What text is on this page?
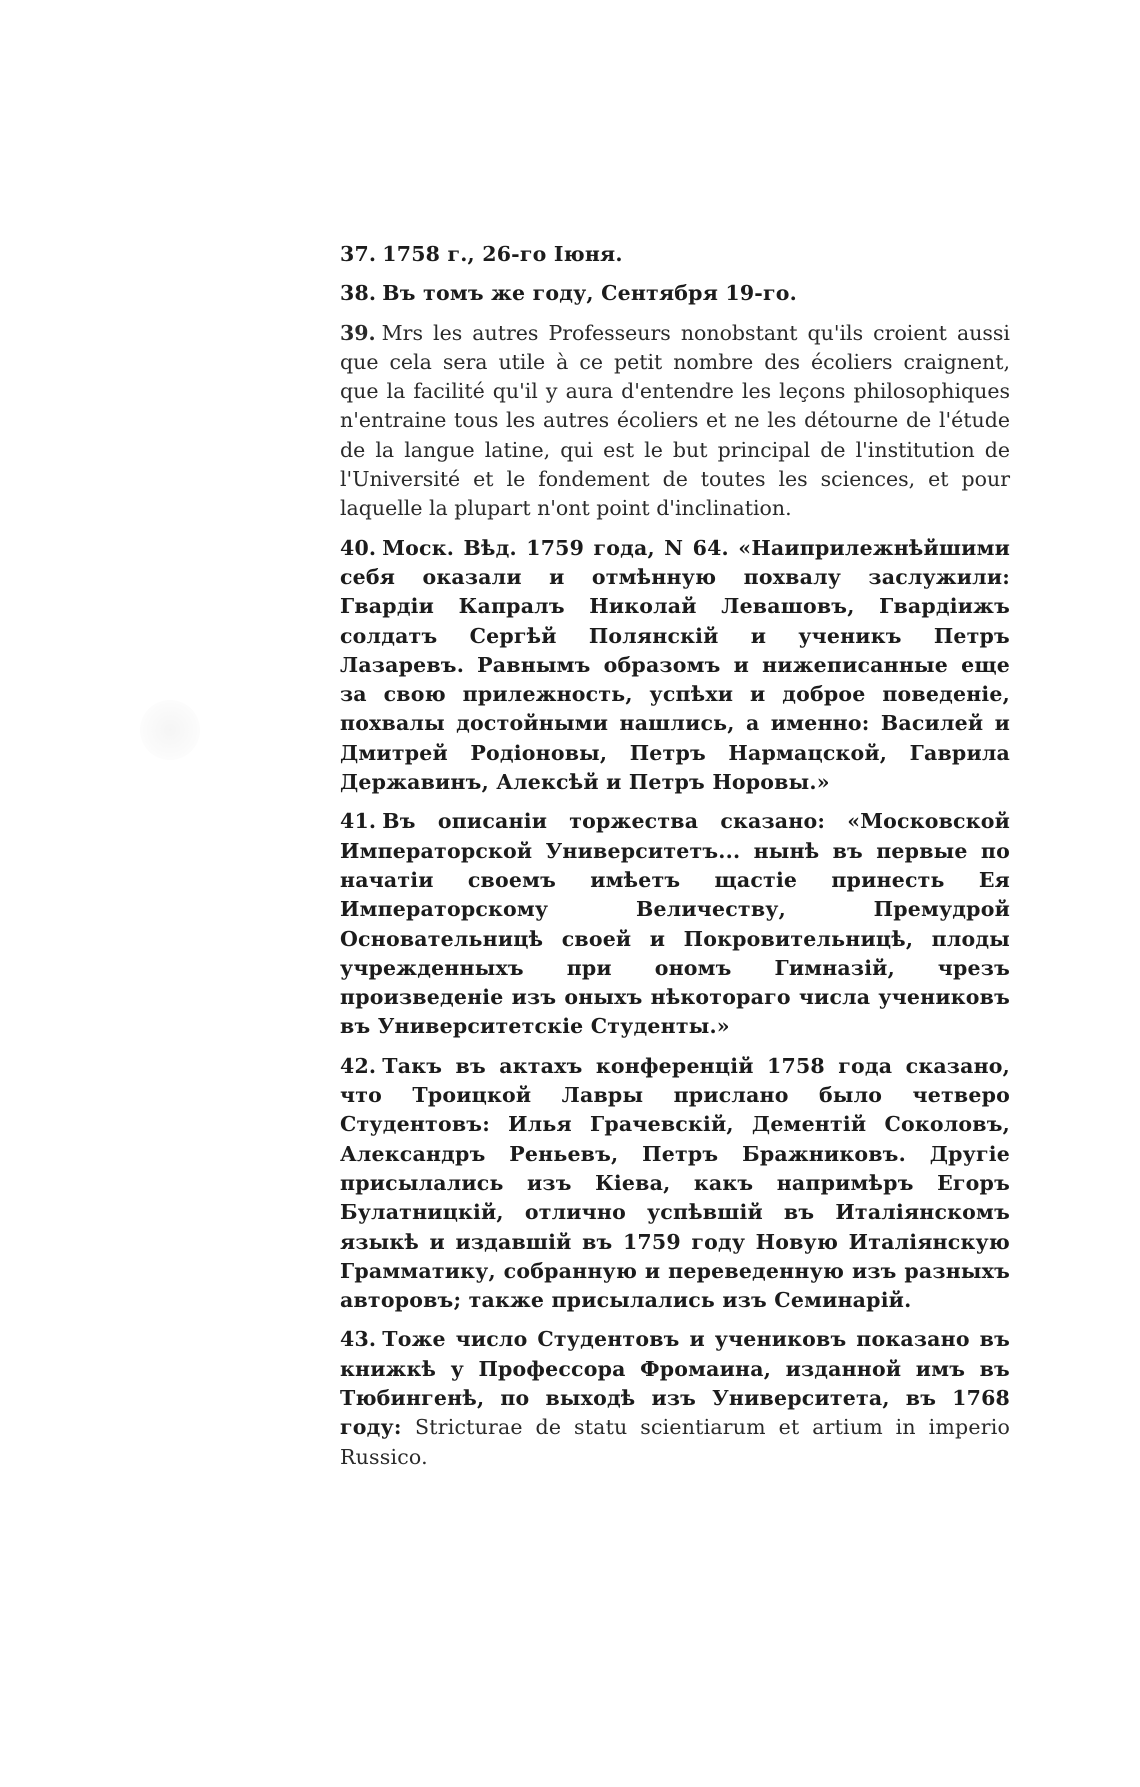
37. 1758 г., 26-го Іюня.

38. Въ томъ же году, Сентября 19-го.

39. Mrs les autres Professeurs nonobstant qu'ils croient aussi que cela sera utile à ce petit nombre des écoliers craignent, que la facilité qu'il y aura d'entendre les leçons philosophiques n'entraine tous les autres écoliers et ne les détourne de l'étude de la langue latine, qui est le but principal de l'institution de l'Université et le fondement de toutes les sciences, et pour laquelle la plupart n'ont point d'inclination.

40. Моск. Вѣд. 1759 года, N 64. «Наиприлежнѣйшими себя оказали и отмѣнную похвалу заслужили: Гвардіи Капралъ Николай Левашовъ, Гвардіижъ солдатъ Сергѣй Полянскій и ученикъ Петръ Лазаревъ. Равнымъ образомъ и нижеписанные еще за свою прилежность, успѣхи и доброе поведеніе, похвалы достойными нашлись, а именно: Василей и Дмитрей Родіоновы, Петръ Нармацской, Гаврила Державинъ, Алексѣй и Петръ Норовы.»

41. Въ описаніи торжества сказано: «Московской Императорской Университетъ... нынѣ въ первые по начатіи своемъ имѣетъ щастіе принесть Ея Императорскому Величеству, Премудрой Основательницѣ своей и Покровительницѣ, плоды учрежденныхъ при ономъ Гимназій, чрезъ произведеніе изъ оныхъ нѣкотораго числа учениковъ въ Университетскіе Студенты.»

42. Такъ въ актахъ конференцій 1758 года сказано, что Троицкой Лавры прислано было четверо Студентовъ: Илья Грачевскій, Дементій Соколовъ, Александръ Реньевъ, Петръ Бражниковъ. Другіе присылались изъ Кіева, какъ напримѣръ Егоръ Булатницкій, отлично успѣвшій въ Италіянскомъ языкѣ и издавшій въ 1759 году Новую Италіянскую Грамматику, собранную и переведенную изъ разныхъ авторовъ; также присылались изъ Семинарій.

43. Тоже число Студентовъ и учениковъ показано въ книжкѣ у Профессора Фромаина, изданной имъ въ Тюбингенѣ, по выходѣ изъ Университета, въ 1768 году: Stricturae de statu scientiarum et artium in imperio Russico.
